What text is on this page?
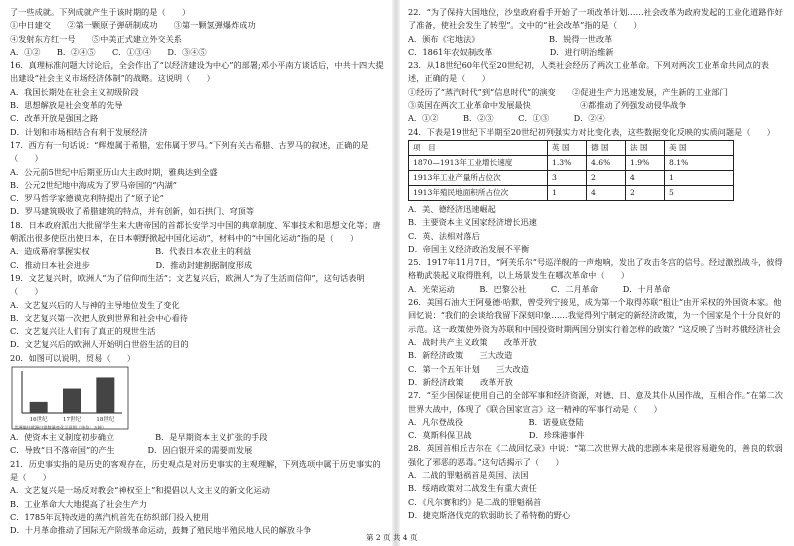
了一些成就。下列成就产生于该时期的是（　　）
①中日建交　　②第一颗原子弹研制成功　　③第一颗氢弹爆炸成功
④发射东方红一号　　⑤中美正式建立外交关系
A．①②　　B．②④⑤　　C．①③④　　D．③④⑤
16．真理标准问题大讨论后，全会作出了“以经济建设为中心”的部署;邓小平南方谈话后，中共十四大提出建设“社会主义市场经济体制”的战略。这说明（　　）
A．我国长期处在社会主义初级阶段
B．思想解放是社会变革的先导
C．改革开放是强国之路
D．计划和市场相结合有利于发展经济
17．西方有一句话说：“辉煌属于希腊，宏伟属于罗马。”下列有关古希腊、古罗马的叙述，正确的是（　　）
A．公元前5世纪中后期亚历山大主政时期，雅典达到全盛
B．公元2世纪地中海成为了罗马帝国的“内湖”
C．罗马哲学家德谟克利特提出了“原子论”
D．罗马建筑吸收了希腊建筑的特点，并有创新，如石拱门、穹顶等
18．日本政府派出大批留学生来大唐帝国的首都长安学习中国的典章制度、军事技术和思想文化等；唐朝派出很多使臣出使日本，在日本朝野掀起中国化运动”，材料中的“中国化运动”指的是（　　）
A．造成幕府掌握实权　　　　　　　　B．代表日本农业主的利益
C．推动日本社会进步　　　　　　　　D．推动封建割据制度形成
19．文艺复兴时，欧洲人“为了信仰而生活”；文艺复兴后，欧洲人“为了生活而信仰”，这句话表明（　　）
A．文艺复兴后的人与神的主导地位发生了变化
B．文艺复兴第一次把人放到世界和社会中心看待
C．文艺复兴让人们有了真正的现世生活
D．文艺复兴后的欧洲人开始明白世俗生活的目的
20．如图可以说明，贸易（　　）
16世纪	17世纪	18世纪
美洲输往欧洲白银数量变化示意图（单位：万吨）
A．使资本主义制度初步确立　　　　　B．是早期资本主义扩张的手段
C．导致“日不落帝国”的产生　　　　D．因白银开采的需要而发展
21．历史事实指的是历史的客观存在，历史观点是对历史事实的主观理解，下列选项中属于历史事实的是（　　）
A．文艺复兴是一场反对教会“神权至上”和提倡以人文主义的新文化运动
B．工业革命大大地提高了社会生产力
C．1785年瓦特改进的蒸汽机首先在纺织部门投入使用
D．十月革命推动了国际无产阶级革命运动，鼓舞了殖民地半殖民地人民的解放斗争
22．“为了保持大国地位，沙皇政府看手开始了一项改革计划……社会改革为政府发起的工业化道路作好了准备，使社会发生了转型”。文中的“社会改革”指的是（　　）
A．颁布《宅地法》　　　　　　　　　B．锐得一世改革
C．1861年农奴制改革　　　　　　　D．进行明治维新
23．从18世纪60年代至20世纪初，人类社会经历了两次工业革命。下列对两次工业革命共同点的表述，正确的是（　　）
①经历了“蒸汽时代”到“信息时代”的演变　　②促进生产力迅速发展，产生新的工业部门
③英国在两次工业革命中发展最快　　　　　　④都推动了列强发动侵华战争
A．①②　　　B．②③　　　C．①③　　　D．②④
24．下表是19世纪下半期至20世纪初列强实力对比变化表，这些数据变化反映的实质问题是（　　）
项　目	英 国	德 国	法 国	美 国
1870—1913年工业增长速度	1.3%	4.6%	1.9%	8.1%
1913年工业产量所占位次	3	2	4	1
1913年殖民地面积所占位次	1	4	2	5
A．美、德经济迅速崛起
B．主要资本主义国家经济增长迅速
C．英、法相对落后
D．帝国主义经济政治发展不平衡
25．1917年11月7日，“阿芙乐尔”号巡洋舰的一声炮响，发出了攻击冬宫的信号。经过激烈战斗，彼得格勒武装起义取得胜利，以上场景发生在哪次革命中（　　）
A．光荣运动　　　B．巴黎公社　　　C．二月革命　　　D．十月革命
26．美国石油大王阿曼德·哈默，曾受列宁接见，成为第一个取得苏联“租让”由开采权的外国资本家。他回忆说：“我们的会谈给我留下深刻印象……我觉得列宁制定的新经济政策，为一个国家是个十分良好的示范。这一政策使外资为苏联和中国投资时期两国分别实行着怎样的政策？”这反映了当时苏俄经济社会　　
A．战时共产主义政策　　改革开放
B．新经济政策　　三大改造
C．第一个五年计划　　三大改造
D．新经济政策　　改革开放
27．“至少国保证使用自己的全部军事和经济资源，对德、日、意及其仆从国作战，互相合作。”在第二次世界大战中，体现了《联合国家宣言》这一精神的军事行动是（　　）
A．凡尔登战役　　　　　　　　B．诺曼底登陆
C．莫斯科保卫战　　　　　　　D．珍珠港事件
28．英国首相丘吉尔在《二战回忆录》中说：“第二次世界大战的悲剧本来是很容易避免的，善良的软弱强化了邪恶的恶毒。”这句话揭示了（　　）
A．二战的罪魁祸首是英国、法国
B．绥靖政策对二战发生有重大责任
C．《凡尔赛和约》是二战的罪魁祸首
D．捷克斯洛伐克的软弱助长了希特勒的野心
第 2 页 共 4 页
